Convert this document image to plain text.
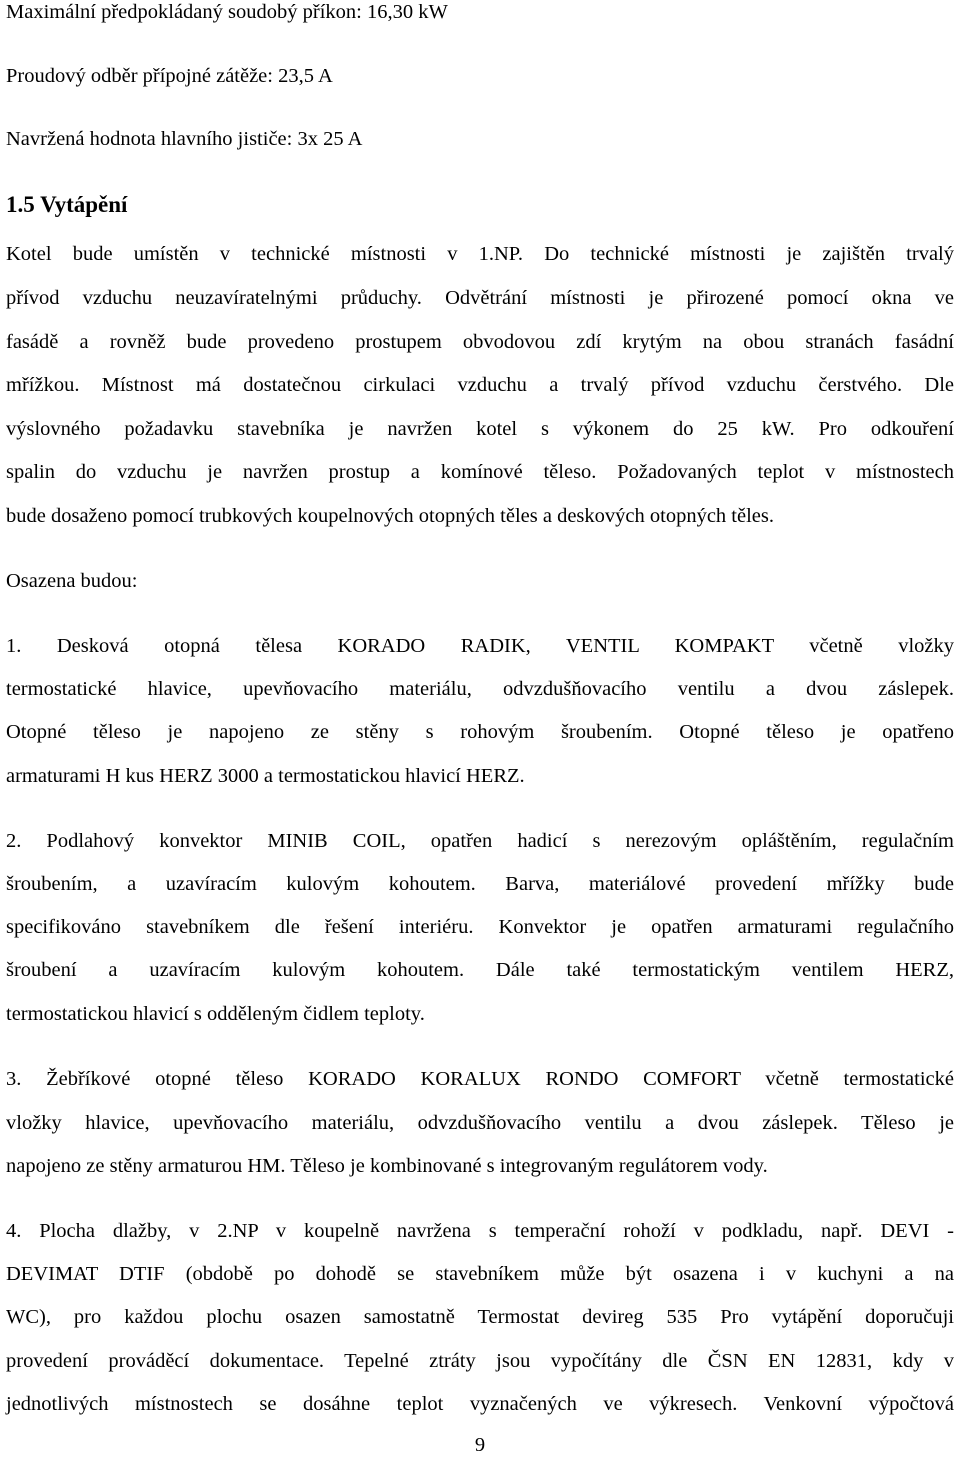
Maximální předpokládaný soudobý příkon: 16,30 kW
Proudový odběr přípojné zátěže: 23,5 A
Navržená hodnota hlavního jističe: 3x 25 A
1.5 Vytápění
Kotel bude umístěn v technické místnosti v 1.NP. Do technické místnosti je zajištěn trvalý
přívod vzduchu neuzavíratelnými průduchy. Odvětrání místnosti je přirozené pomocí okna ve
fasádě a rovněž bude provedeno prostupem obvodovou zdí krytým na obou stranách fasádní
mřížkou. Místnost má dostatečnou cirkulaci vzduchu a trvalý přívod vzduchu čerstvého. Dle
výslovného požadavku stavebníka je navržen kotel s výkonem do 25 kW. Pro odkouření
spalin do vzduchu je navržen prostup a komínové těleso. Požadovaných teplot v místnostech
bude dosaženo pomocí trubkových koupelnových otopných těles a deskových otopných těles.
Osazena budou:
1. Desková otopná tělesa KORADO RADIK, VENTIL KOMPAKT včetně vložky
termostatické hlavice, upevňovacího materiálu, odvzdušňovacího ventilu a dvou záslepek.
Otopné těleso je napojeno ze stěny s rohovým šroubením. Otopné těleso je opatřeno
armaturami H kus HERZ 3000 a termostatickou hlavicí HERZ.
2. Podlahový konvektor MINIB COIL, opatřen hadicí s nerezovým opláštěním, regulačním
šroubením, a uzavíracím kulovým kohoutem. Barva, materiálové provedení mřížky bude
specifikováno stavebníkem dle řešení interiéru. Konvektor je opatřen armaturami regulačního
šroubení a uzavíracím kulovým kohoutem. Dále také termostatickým ventilem HERZ,
termostatickou hlavicí s odděleným čidlem teploty.
3. Žebříkové otopné těleso KORADO KORALUX RONDO COMFORT včetně termostatické
vložky hlavice, upevňovacího materiálu, odvzdušňovacího ventilu a dvou záslepek. Těleso je
napojeno ze stěny armaturou HM. Těleso je kombinované s integrovaným regulátorem vody.
4. Plocha dlažby, v 2.NP v koupelně navržena s temperační rohoží v podkladu, např. DEVI -
DEVIMAT DTIF (obdobě po dohodě se stavebníkem může být osazena i v kuchyni a na
WC), pro každou plochu osazen samostatně Termostat devireg 535 Pro vytápění doporučuji
provedení prováděcí dokumentace. Tepelné ztráty jsou vypočítány dle ČSN EN 12831, kdy v
jednotlivých místnostech se dosáhne teplot vyznačených ve výkresech. Venkovní výpočtová
9
